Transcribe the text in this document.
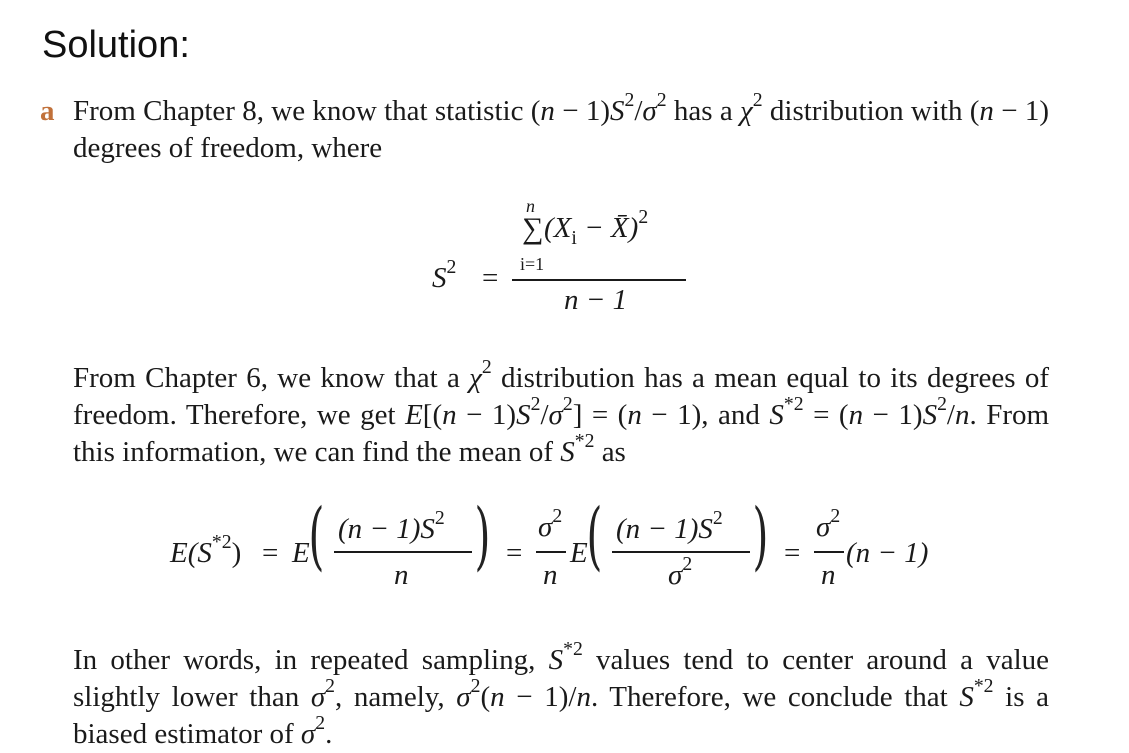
Solution:
a From Chapter 8, we know that statistic $(n - 1)S^2/\sigma^2$ has a $\chi^2$ distribution with (n − 1) degrees of freedom, where
$S^2$ =
n
∑
i=1
($X_i$ − X̄)$^2$
n − 1
From Chapter 6, we know that a $\chi^2$ distribution has a mean equal to its degrees of freedom. Therefore, we get $E[(n - 1)S^2/\sigma^2] = (n - 1)$, and $S^{*2} = (n - 1)S^2/n$. From this information, we can find the mean of $S^{*2}$ as
$E(S^{*2}) = E$
( $(n - 1)S^2$
n ) =
$\sigma^2$
n
E
( $(n - 1)S^2$
$\sigma^2$ ) =
$\sigma^2$
n
(n − 1)
In other words, in repeated sampling, $S^{*2}$ values tend to center around a value slightly lower than $\sigma^2$, namely, $\sigma^2(n - 1)/n$. Therefore, we conclude that $S^{*2}$ is a biased estimator of $\sigma^2$.
